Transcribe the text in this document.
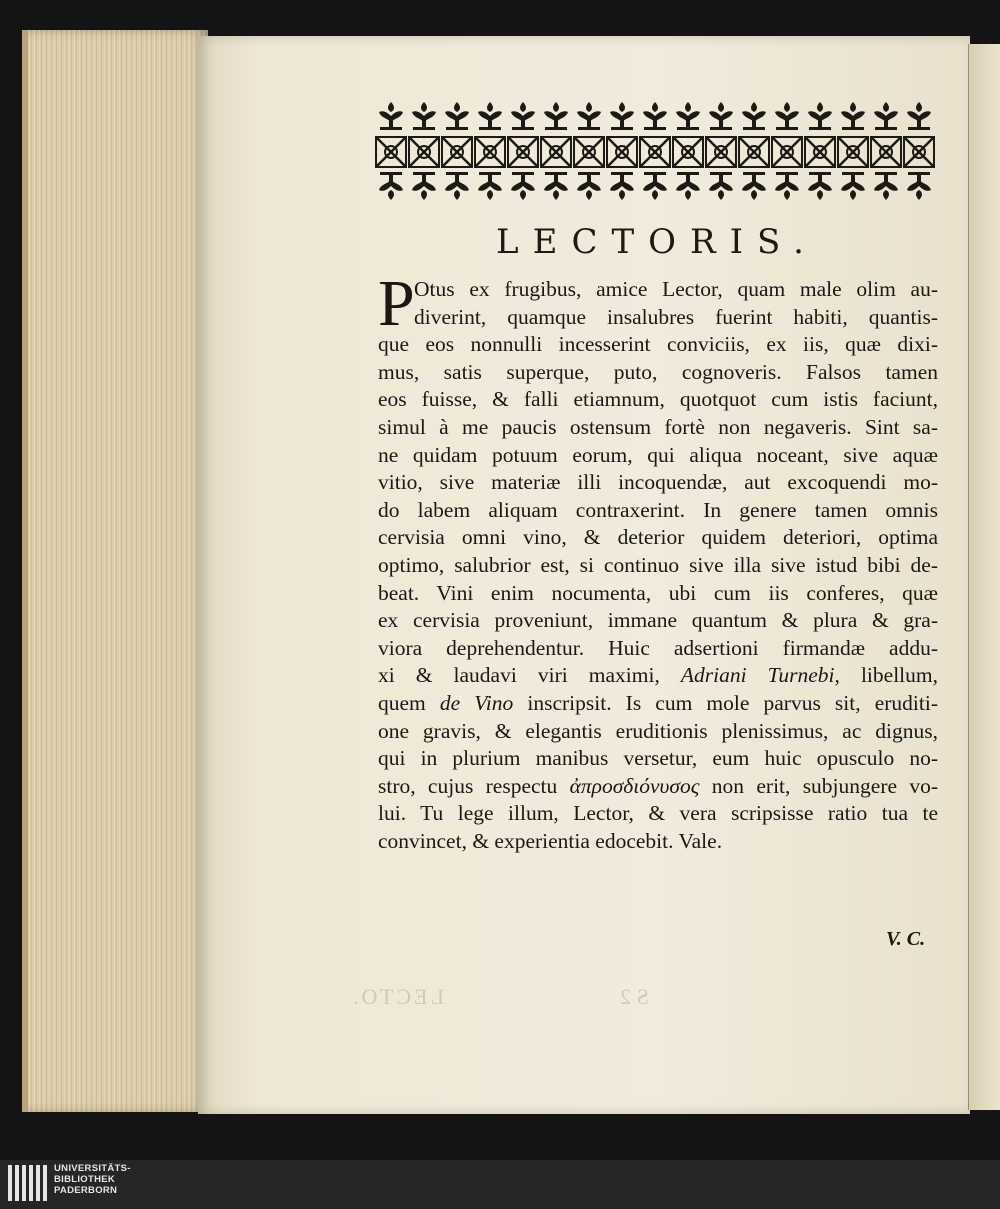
LECTORIS.
P Otus ex frugibus, amice Lector, quam male olim au-
diverint, quamque insalubres fuerint habiti, quantis-
que eos nonnulli incesserint conviciis, ex iis, quæ dixi-
mus, satis superque, puto, cognoveris. Falsos tamen
eos fuisse, & falli etiamnum, quotquot cum istis faciunt,
simul à me paucis ostensum fortè non negaveris. Sint sa-
ne quidam potuum eorum, qui aliqua noceant, sive aquæ
vitio, sive materiæ illi incoquendæ, aut excoquendi mo-
do labem aliquam contraxerint. In genere tamen omnis
cervisia omni vino, & deterior quidem deteriori, optima
optimo, salubrior est, si continuo sive illa sive istud bibi de-
beat. Vini enim nocumenta, ubi cum iis conferes, quæ
ex cervisia proveniunt, immane quantum & plura & gra-
viora deprehendentur. Huic adsertioni firmandæ addu-
xi & laudavi viri maximi, Adriani Turnebi, libellum,
quem de Vino inscripsit. Is cum mole parvus sit, eruditi-
one gravis, & elegantis eruditionis plenissimus, ac dignus,
qui in plurium manibus versetur, eum huic opusculo no-
stro, cujus respectu ἀπροσδιόνυσος non erit, subjungere vo-
lui. Tu lege illum, Lector, & vera scripsisse ratio tua te
convincet, & experientia edocebit. Vale.
V. C.
LECTO.	S 2
UNIVERSITÄTS-
BIBLIOTHEK
PADERBORN
